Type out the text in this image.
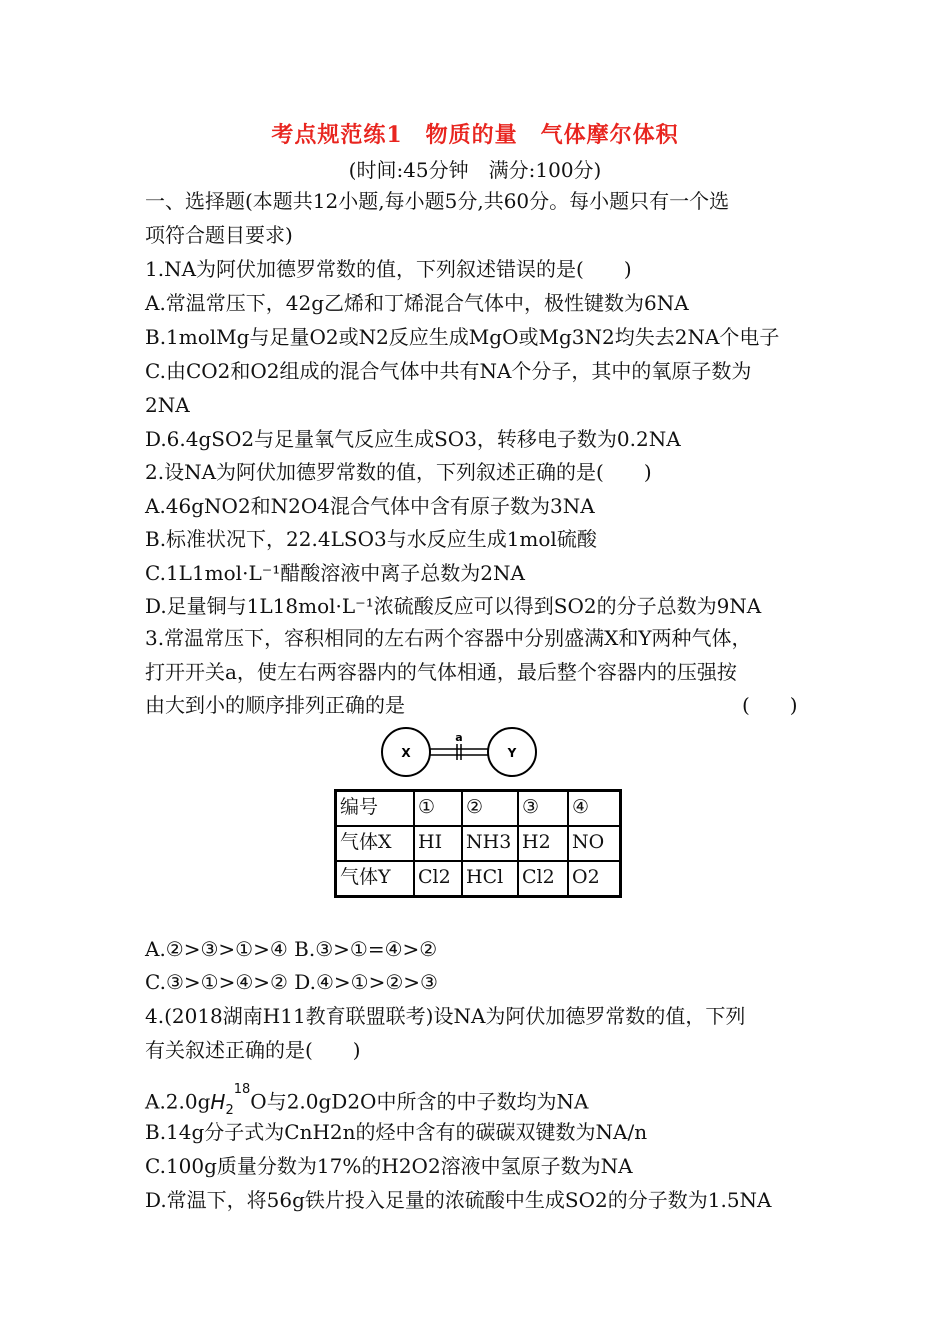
考点规范练1　物质的量　气体摩尔体积
(时间:45分钟　满分:100分)
一、选择题(本题共12小题,每小题5分,共60分。每小题只有一个选
项符合题目要求)
1.NA为阿伏加德罗常数的值，下列叙述错误的是(　　)
A.常温常压下，42g乙烯和丁烯混合气体中，极性键数为6NA
B.1molMg与足量O2或N2反应生成MgO或Mg3N2均失去2NA个电子
C.由CO2和O2组成的混合气体中共有NA个分子，其中的氧原子数为
2NA
D.6.4gSO2与足量氧气反应生成SO3，转移电子数为0.2NA
2.设NA为阿伏加德罗常数的值，下列叙述正确的是(　　)
A.46gNO2和N2O4混合气体中含有原子数为3NA
B.标准状况下，22.4LSO3与水反应生成1mol硫酸
C.1L1mol·L⁻¹醋酸溶液中离子总数为2NA
D.足量铜与1L18mol·L⁻¹浓硫酸反应可以得到SO2的分子总数为9NA
3.常温常压下，容积相同的左右两个容器中分别盛满X和Y两种气体，
打开开关a，使左右两容器内的气体相通，最后整个容器内的压强按
由大到小的顺序排列正确的是	(　　)
X
a
Y
编号	①	②	③	④
气体X	HI	NH3	H2	NO
气体Y	Cl2	HCl	Cl2	O2
A.②>③>①>④ B.③>①=④>②
C.③>①>④>② D.④>①>②>③
4.(2018湖南H11教育联盟联考)设NA为阿伏加德罗常数的值，下列
有关叙述正确的是(　　)
$A.2.0gH_2^{18}O$与2.0gD2O中所含的中子数均为NA
B.14g分子式为CnH2n的烃中含有的碳碳双键数为NA/n
C.100g质量分数为17%的H2O2溶液中氢原子数为NA
D.常温下，将56g铁片投入足量的浓硫酸中生成SO2的分子数为1.5NA
